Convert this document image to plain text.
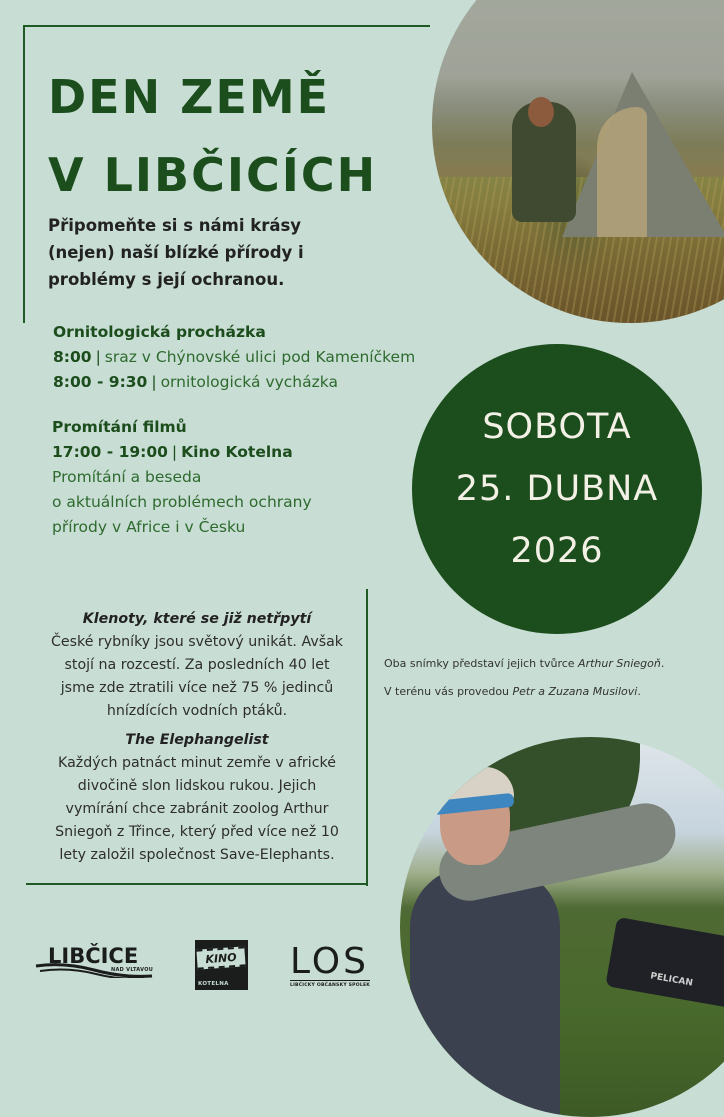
DEN ZEMĚ
V LIBČICÍCH
Připomeňte si s námi krásy
(nejen) naší blízké přírody i
problémy s její ochranou.
Ornitologická procházka
8:00 | sraz v Chýnovské ulici pod Kameníčkem
8:00 - 9:30 | ornitologická vycházka
Promítání filmů
17:00 - 19:00 | Kino Kotelna
Promítání a beseda
o aktuálních problémech ochrany
přírody v Africe i v Česku
SOBOTA
25. DUBNA
2026

Klenoty, které se již netřpytí
České rybníky jsou světový unikát. Avšak
stojí na rozcestí. Za posledních 40 let
jsme zde ztratili více než 75 % jedinců
hnízdících vodních ptáků.

The Elephangelist
Každých patnáct minut zemře v africké
divočině slon lidskou rukou. Jejich
vymírání chce zabránit zoolog Arthur
Sniegoň z Třince, který před více než 10
lety založil společnost Save-Elephants.

Oba snímky představí jejich tvůrce Arthur Sniegoň.
V terénu vás provedou Petr a Zuzana Musilovi.
PELICAN
LIBČICE
NAD VLTAVOU
KINO
KOTELNA
LOS
LIBČICKÝ OBČANSKÝ SPOLEK
